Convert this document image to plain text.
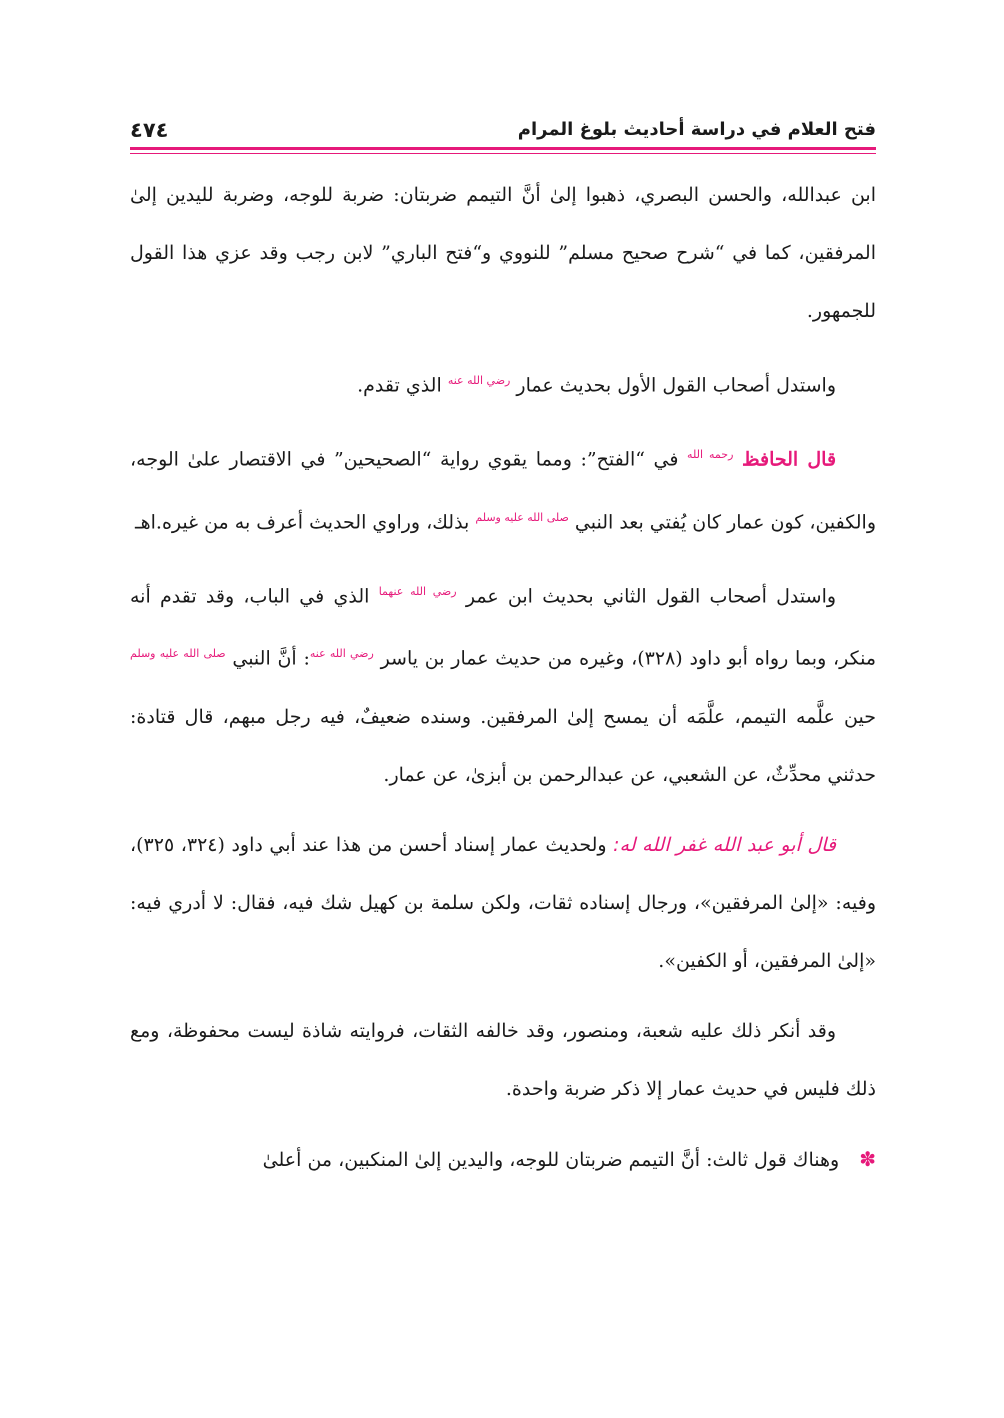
فتح العلام في دراسة أحاديث بلوغ المرام
٤٧٤

ابن عبدالله، والحسن البصري، ذهبوا إلىٰ أنَّ التيمم ضربتان: ضربة للوجه، وضربة لليدين إلىٰ المرفقين، كما في “شرح صحيح مسلم” للنووي و“فتح الباري” لابن رجب وقد عزي هذا القول للجمهور.

واستدل أصحاب القول الأول بحديث عمار $^{رضي الله عنه}$ الذي تقدم.

قال الحافظ $^{رحمه الله}$ في “الفتح”: ومما يقوي رواية “الصحيحين” في الاقتصار علىٰ الوجه، والكفين، كون عمار كان يُفتي بعد النبي $^{صلى الله عليه وسلم}$ بذلك، وراوي الحديث أعرف به من غيره.اهـ

واستدل أصحاب القول الثاني بحديث ابن عمر $^{رضي الله عنهما}$ الذي في الباب، وقد تقدم أنه منكر، وبما رواه أبو داود (٣٢٨)، وغيره من حديث عمار بن ياسر $^{رضي الله عنه}$: أنَّ النبي $^{صلى الله عليه وسلم}$ حين علَّمه التيمم، علَّمَه أن يمسح إلىٰ المرفقين. وسنده ضعيفٌ، فيه رجل مبهم، قال قتادة: حدثني محدِّثٌ، عن الشعبي، عن عبدالرحمن بن أبزىٰ، عن عمار.

قال أبو عبد الله غفر الله له: ولحديث عمار إسناد أحسن من هذا عند أبي داود (٣٢٤، ٣٢٥)، وفيه: «إلىٰ المرفقين»، ورجال إسناده ثقات، ولكن سلمة بن كهيل شك فيه، فقال: لا أدري فيه: «إلىٰ المرفقين، أو الكفين».

وقد أنكر ذلك عليه شعبة، ومنصور، وقد خالفه الثقات، فروايته شاذة ليست محفوظة، ومع ذلك فليس في حديث عمار إلا ذكر ضربة واحدة.

✽ وهناك قول ثالث: أنَّ التيمم ضربتان للوجه، واليدين إلىٰ المنكبين، من أعلىٰ
